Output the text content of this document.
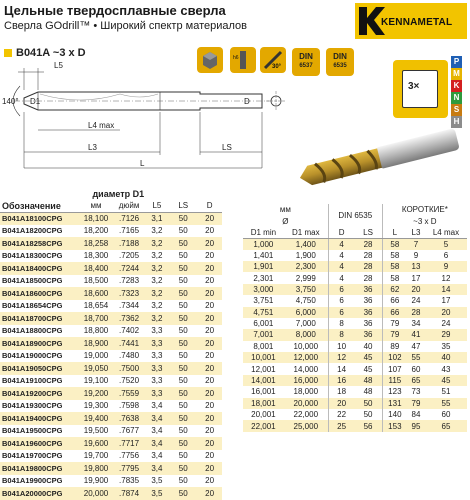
Цельные твердосплавные сверла
Сверла GOdrill™ • Широкий спектр материалов	KENNAMETAL
B041A ~3 x D	h6
30°
DIN
6537
DIN
6535
3×
P
M
K
N
S
H
140° D1	D
L5
L4 max
L3	LS
L
	диаметр D1				
Обозначение	мм	дюйм	L5	LS	D
B041A18100CPG	18,100	.7126	3,1	50	20
B041A18200CPG	18,200	.7165	3,2	50	20
B041A18258CPG	18,258	.7188	3,2	50	20
B041A18300CPG	18,300	.7205	3,2	50	20
B041A18400CPG	18,400	.7244	3,2	50	20
B041A18500CPG	18,500	.7283	3,2	50	20
B041A18600CPG	18,600	.7323	3,2	50	20
B041A18654CPG	18,654	.7344	3,2	50	20
B041A18700CPG	18,700	.7362	3,2	50	20
B041A18800CPG	18,800	.7402	3,3	50	20
B041A18900CPG	18,900	.7441	3,3	50	20
B041A19000CPG	19,000	.7480	3,3	50	20
B041A19050CPG	19,050	.7500	3,3	50	20
B041A19100CPG	19,100	.7520	3,3	50	20
B041A19200CPG	19,200	.7559	3,3	50	20
B041A19300CPG	19,300	.7598	3,4	50	20
B041A19400CPG	19,400	.7638	3,4	50	20
B041A19500CPG	19,500	.7677	3,4	50	20
B041A19600CPG	19,600	.7717	3,4	50	20
B041A19700CPG	19,700	.7756	3,4	50	20
B041A19800CPG	19,800	.7795	3,4	50	20
B041A19900CPG	19,900	.7835	3,5	50	20
B041A20000CPG	20,000	.7874	3,5	50	20
мм		DIN 6535		КОРОТКИЕ*		
Ø				~3 x D		
D1 min	D1 max	D	LS	L	L3	L4 max
1,000	1,400	4	28	58	7	5
1,401	1,900	4	28	58	9	6
1,901	2,300	4	28	58	13	9
2,301	2,999	4	28	58	17	12
3,000	3,750	6	36	62	20	14
3,751	4,750	6	36	66	24	17
4,751	6,000	6	36	66	28	20
6,001	7,000	8	36	79	34	24
7,001	8,000	8	36	79	41	29
8,001	10,000	10	40	89	47	35
10,001	12,000	12	45	102	55	40
12,001	14,000	14	45	107	60	43
14,001	16,000	16	48	115	65	45
16,001	18,000	18	48	123	73	51
18,001	20,000	20	50	131	79	55
20,001	22,000	22	50	140	84	60
22,001	25,000	25	56	153	95	65
